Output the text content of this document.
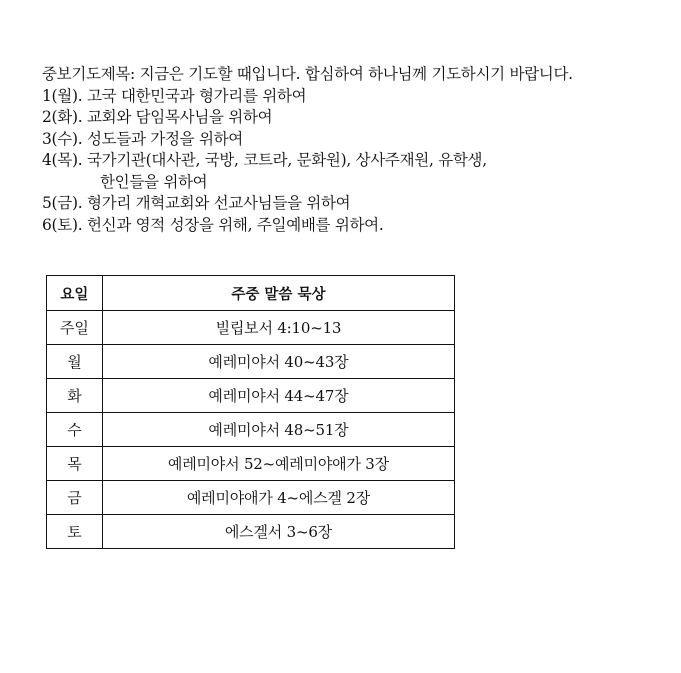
중보기도제목: 지금은 기도할 때입니다. 합심하여 하나님께 기도하시기 바랍니다.
1(월). 고국 대한민국과 형가리를 위하여
2(화). 교회와 담임목사님을 위하여
3(수). 성도들과 가정을 위하여
4(목). 국가기관(대사관, 국방, 코트라, 문화원), 상사주재원, 유학생,
한인들을 위하여
5(금). 형가리 개혁교회와 선교사님들을 위하여
6(토). 헌신과 영적 성장을 위해, 주일예배를 위하여.
요일	주중 말씀 묵상
주일	빌립보서 4:10~13
월	예레미야서 40~43장
화	예레미야서 44~47장
수	예레미야서 48~51장
목	예레미야서 52~예레미야애가 3장
금	예레미야애가 4~에스겔 2장
토	에스겔서 3~6장
